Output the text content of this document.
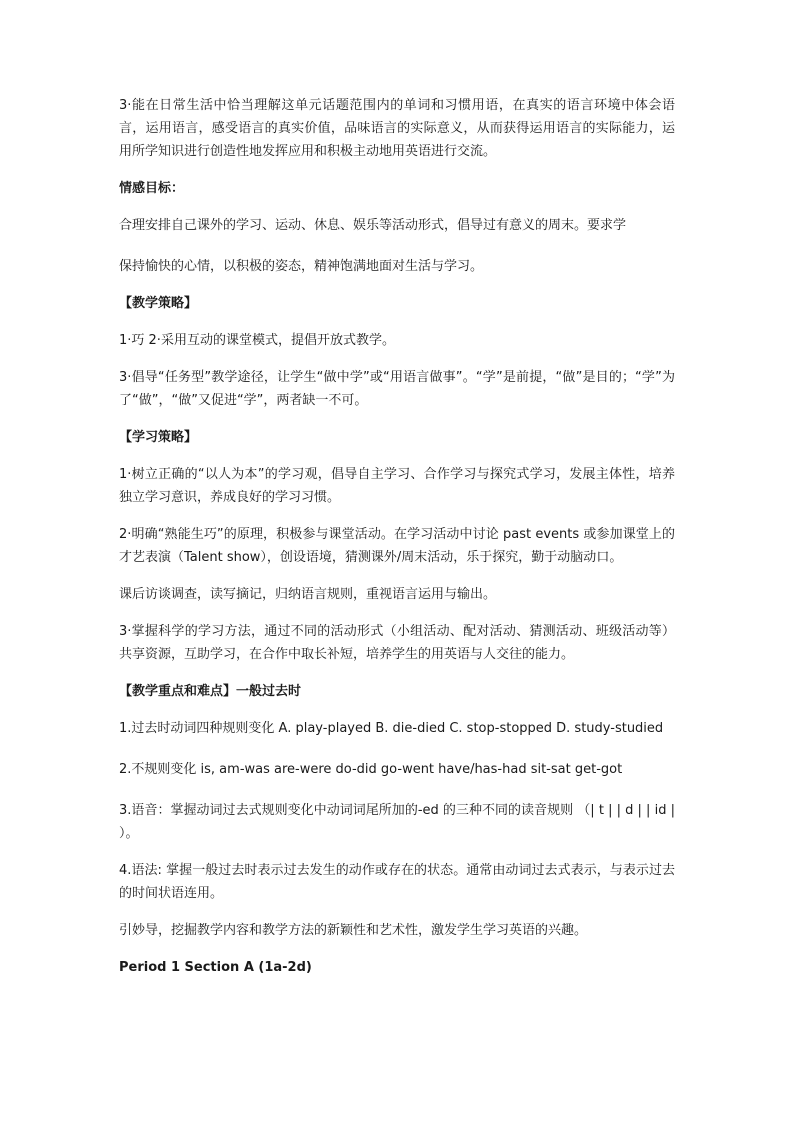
3·能在日常生活中恰当理解这单元话题范围内的单词和习惯用语，在真实的语言环境中体会语言，运用语言，感受语言的真实价值，品味语言的实际意义，从而获得运用语言的实际能力，运用所学知识进行创造性地发挥应用和积极主动地用英语进行交流。

情感目标：

合理安排自己课外的学习、运动、休息、娱乐等活动形式，倡导过有意义的周末。要求学

保持愉快的心情，以积极的姿态，精神饱满地面对生活与学习。

【教学策略】

1·巧 2·采用互动的课堂模式，提倡开放式教学。

3·倡导“任务型”教学途径，让学生“做中学”或“用语言做事”。“学”是前提，“做”是目的；“学”为了“做”，“做”又促进“学”，两者缺一不可。

【学习策略】

1·树立正确的“以人为本”的学习观，倡导自主学习、合作学习与探究式学习，发展主体性，培养独立学习意识，养成良好的学习习惯。

2·明确“熟能生巧”的原理，积极参与课堂活动。在学习活动中讨论 past events 或参加课堂上的才艺表演（Talent show），创设语境，猜测课外/周末活动，乐于探究，勤于动脑动口。

课后访谈调查，读写摘记，归纳语言规则，重视语言运用与输出。

3·掌握科学的学习方法，通过不同的活动形式（小组活动、配对活动、猜测活动、班级活动等）共享资源，互助学习，在合作中取长补短，培养学生的用英语与人交往的能力。

【教学重点和难点】一般过去时

1.过去时动词四种规则变化 A. play-played B. die-died C. stop-stopped D. study-studied

2.不规则变化 is, am-was are-were do-did go-went have/has-had sit-sat get-got

3.语音：掌握动词过去式规则变化中动词词尾所加的-ed 的三种不同的读音规则 （| t | | d | | id | ）。

4.语法: 掌握一般过去时表示过去发生的动作或存在的状态。通常由动词过去式表示，与表示过去的时间状语连用。

引妙导，挖掘教学内容和教学方法的新颖性和艺术性，激发学生学习英语的兴趣。

Period 1 Section A (1a-2d)
